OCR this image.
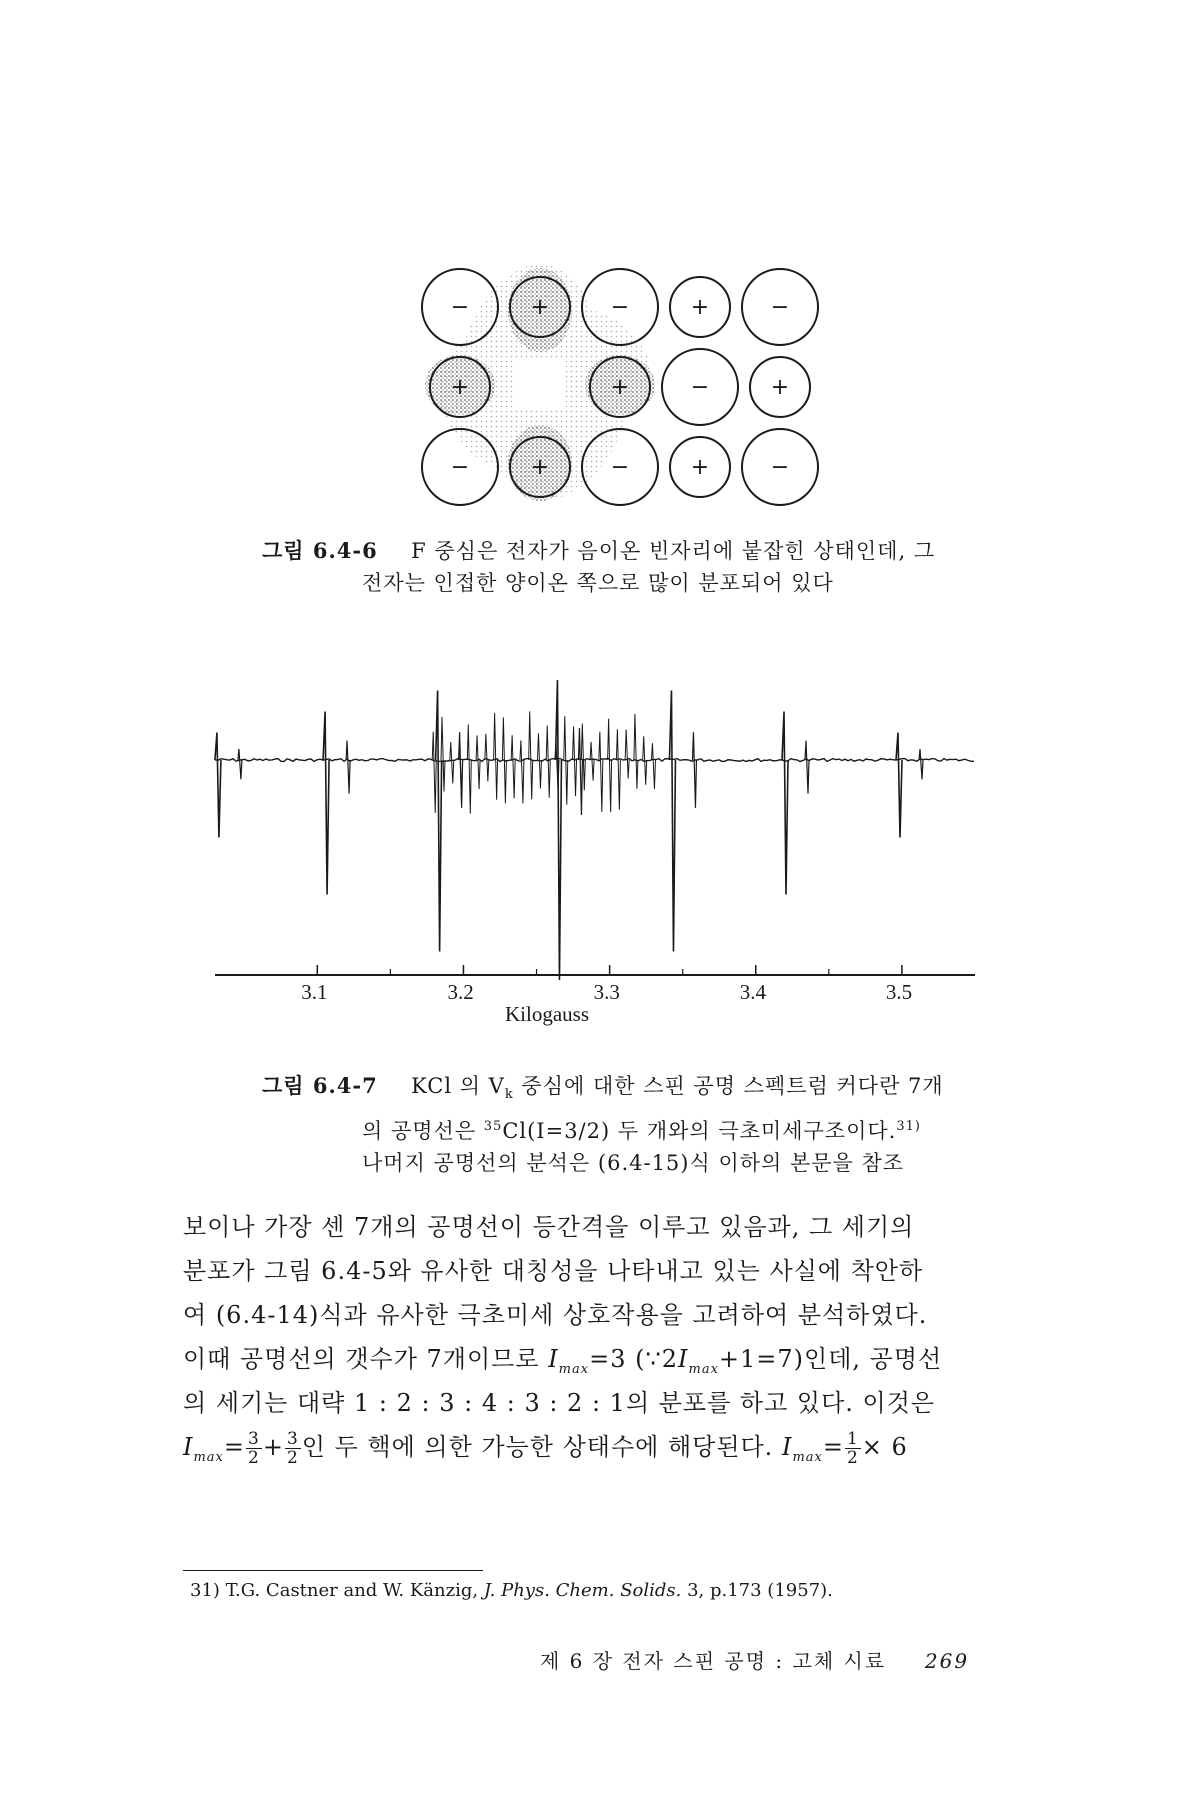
−	+	−	+	−
+	+	−	+
−	+	−	+	−
그림 6.4-6 F 중심은 전자가 음이온 빈자리에 붙잡힌 상태인데, 그
전자는 인접한 양이온 쪽으로 많이 분포되어 있다
3.1	3.2	3.3	3.4	3.5
Kilogauss
그림 6.4-7 KCl 의 $V_k$ 중심에 대한 스핀 공명 스펙트럼 커다란 7개
의 공명선은 $^{35}$Cl(I=3/2) 두 개와의 극초미세구조이다.$^{31)}$
나머지 공명선의 분석은 (6.4-15)식 이하의 본문을 참조
보이나 가장 센 7개의 공명선이 등간격을 이루고 있음과, 그 세기의
분포가 그림 6.4-5와 유사한 대칭성을 나타내고 있는 사실에 착안하
여 (6.4-14)식과 유사한 극초미세 상호작용을 고려하여 분석하였다.
이때 공명선의 갯수가 7개이므로 $I_{max}=3$ $(\because 2I_{max}+1=7)$인데, 공명선
의 세기는 대략 1 : 2 : 3 : 4 : 3 : 2 : 1의 분포를 하고 있다. 이것은
$I_{max}= \frac{3}{2} + \frac{3}{2}$ 인 두 핵에 의한 가능한 상태수에 해당된다. $I_{max}= \frac{1}{2} \times 6$
31) T.G. Castner and W. Känzig, J. Phys. Chem. Solids. 3, p.173 (1957).
제 6 장 전자 스핀 공명 : 고체 시료 269
